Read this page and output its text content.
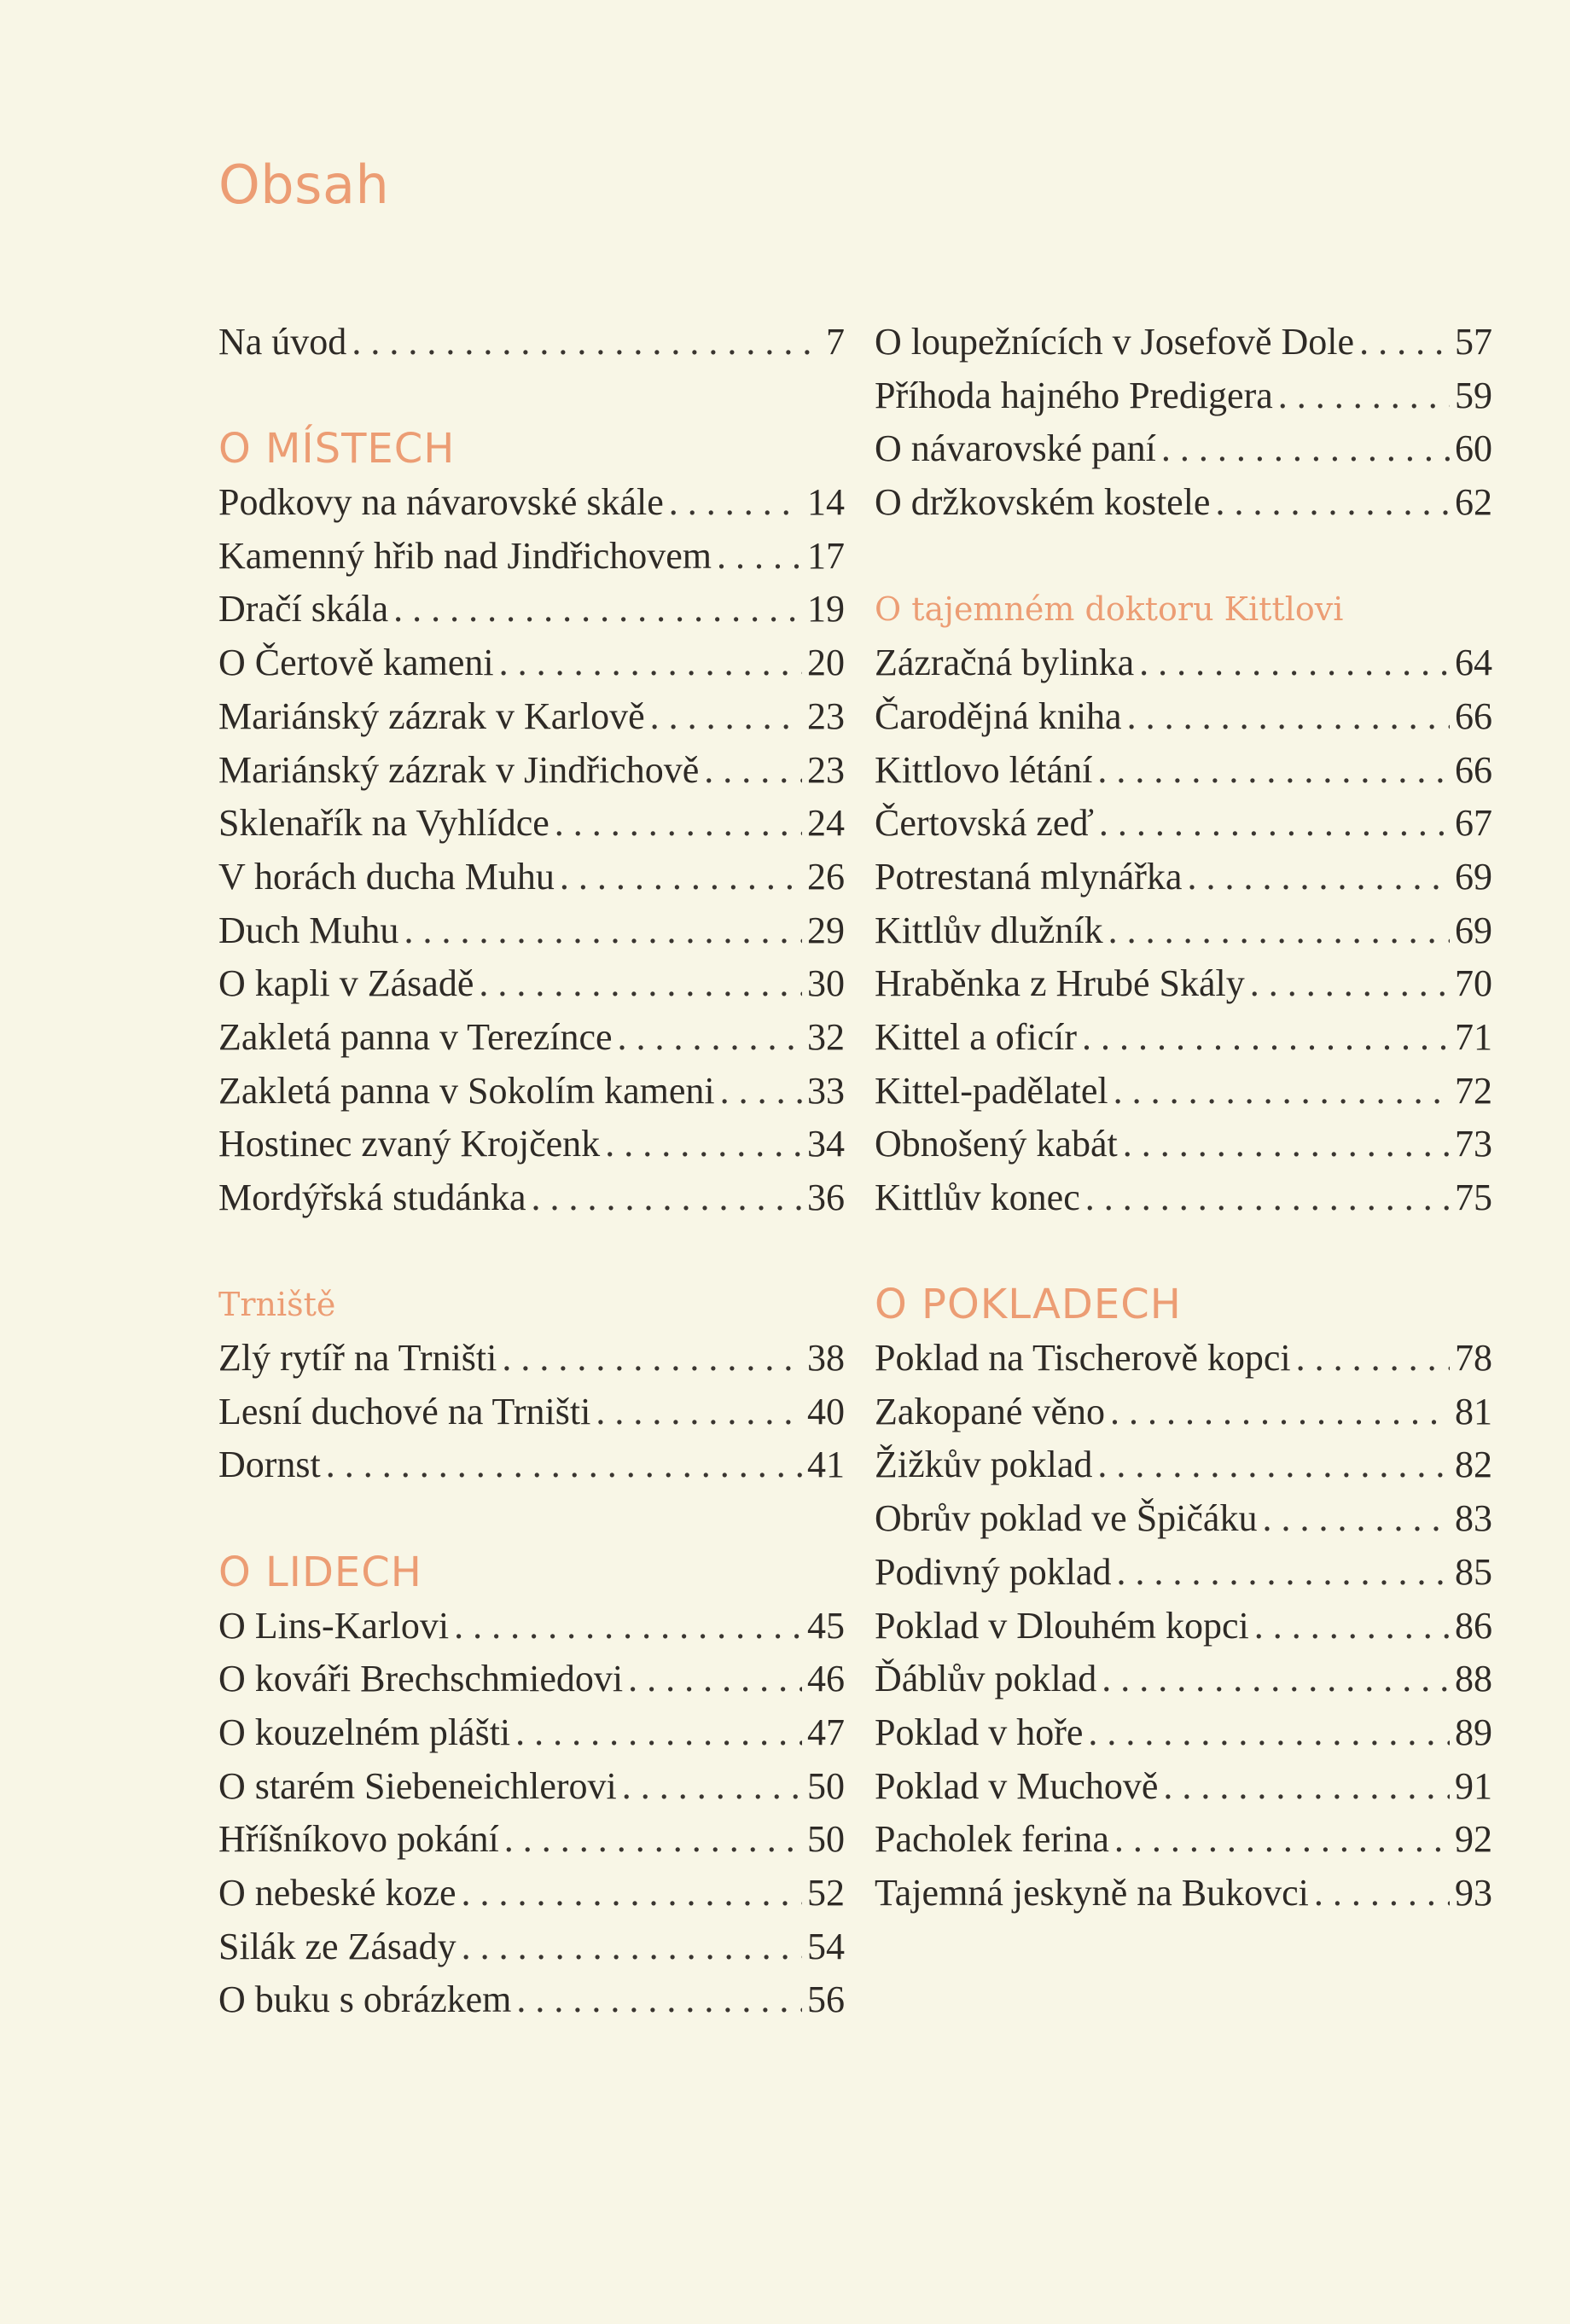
Obsah
Na úvod . . .	7
O MÍSTECH
Podkovy na návarovské skále . . .	14
Kamenný hřib nad Jindřichovem . . .	17
Dračí skála . . .	19
O Čertově kameni . . .	20
Mariánský zázrak v Karlově . . .	23
Mariánský zázrak v Jindřichově . . .	23
Sklenařík na Vyhlídce . . .	24
V horách ducha Muhu . . .	26
Duch Muhu . . .	29
O kapli v Zásadě . . .	30
Zakletá panna v Terezínce . . .	32
Zakletá panna v Sokolím kameni . . . 33
Hostinec zvaný Krojčenk . . .	34
Mordýřská studánka . . .	36
Trniště
Zlý rytíř na Trništi . . .	38
Lesní duchové na Trništi . . .	40
Dornst . . .	41
O LIDECH
O Lins-Karlovi . . .	45
O kováři Brechschmiedovi . . .	46
O kouzelném plášti . . .	47
O starém Siebeneichlerovi . . .	50
Hříšníkovo pokání . . .	50
O nebeské koze . . .	52
Silák ze Zásady . . .	54
O buku s obrázkem . . .	56
O loupežnících v Josefově Dole . . .	57
Příhoda hajného Predigera . . .	59
O návarovské paní . . .	60
O držkovském kostele . . .	62
O tajemném doktoru Kittlovi
Zázračná bylinka . . .	64
Čarodějná kniha . . .	66
Kittlovo létání . . .	66
Čertovská zeď . . .	67
Potrestaná mlynářka . . .	69
Kittlův dlužník . . .	69
Hraběnka z Hrubé Skály . . .	70
Kittel a oficír . . .	71
Kittel-padělatel . . .	72
Obnošený kabát . . .	73
Kittlův konec . . .	75
O POKLADECH
Poklad na Tischerově kopci . . .	78
Zakopané věno . . .	81
Žižkův poklad . . .	82
Obrův poklad ve Špičáku . . .	83
Podivný poklad . . .	85
Poklad v Dlouhém kopci . . .	86
Ďáblův poklad . . .	88
Poklad v hoře . . .	89
Poklad v Muchově . . .	91
Pacholek ferina . . .	92
Tajemná jeskyně na Bukovci . . .	93
